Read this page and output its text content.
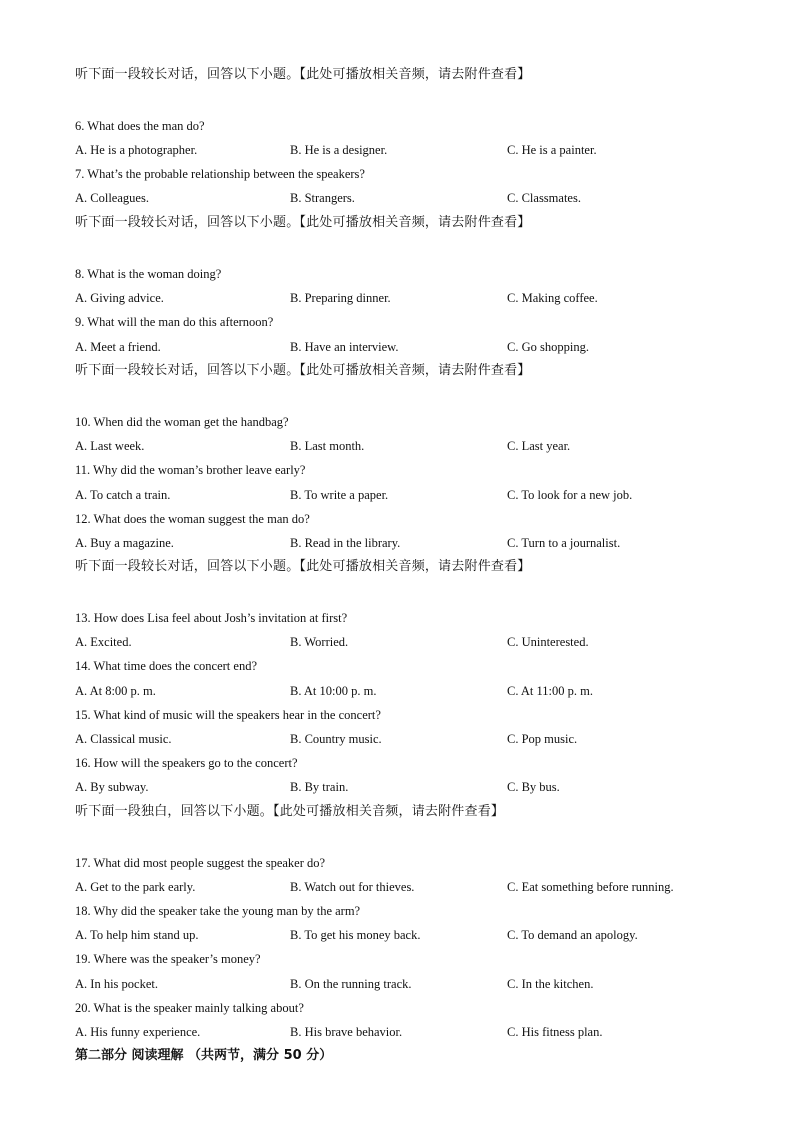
听下面一段较长对话，回答以下小题。【此处可播放相关音频，请去附件查看】
6. What does the man do?
A. He is a photographer.	B. He is a designer.	C. He is a painter.
7. What’s the probable relationship between the speakers?
A. Colleagues.	B. Strangers.	C. Classmates.
听下面一段较长对话，回答以下小题。【此处可播放相关音频，请去附件查看】
8. What is the woman doing?
A. Giving advice.	B. Preparing dinner.	C. Making coffee.
9. What will the man do this afternoon?
A. Meet a friend.	B. Have an interview.	C. Go shopping.
听下面一段较长对话，回答以下小题。【此处可播放相关音频，请去附件查看】
10. When did the woman get the handbag?
A. Last week.	B. Last month.	C. Last year.
11. Why did the woman’s brother leave early?
A. To catch a train.	B. To write a paper.	C. To look for a new job.
12. What does the woman suggest the man do?
A. Buy a magazine.	B. Read in the library.	C. Turn to a journalist.
听下面一段较长对话，回答以下小题。【此处可播放相关音频，请去附件查看】
13. How does Lisa feel about Josh’s invitation at first?
A. Excited.	B. Worried.	C. Uninterested.
14. What time does the concert end?
A. At 8:00 p. m.	B. At 10:00 p. m.	C. At 11:00 p. m.
15. What kind of music will the speakers hear in the concert?
A. Classical music.	B. Country music.	C. Pop music.
16. How will the speakers go to the concert?
A. By subway.	B. By train.	C. By bus.
听下面一段独白，回答以下小题。【此处可播放相关音频，请去附件查看】
17. What did most people suggest the speaker do?
A. Get to the park early.	B. Watch out for thieves.	C. Eat something before running.
18. Why did the speaker take the young man by the arm?
A. To help him stand up.	B. To get his money back.	C. To demand an apology.
19. Where was the speaker’s money?
A. In his pocket.	B. On the running track.	C. In the kitchen.
20. What is the speaker mainly talking about?
A. His funny experience.	B. His brave behavior.	C. His fitness plan.
第二部分 阅读理解 （共两节，满分 50 分）
